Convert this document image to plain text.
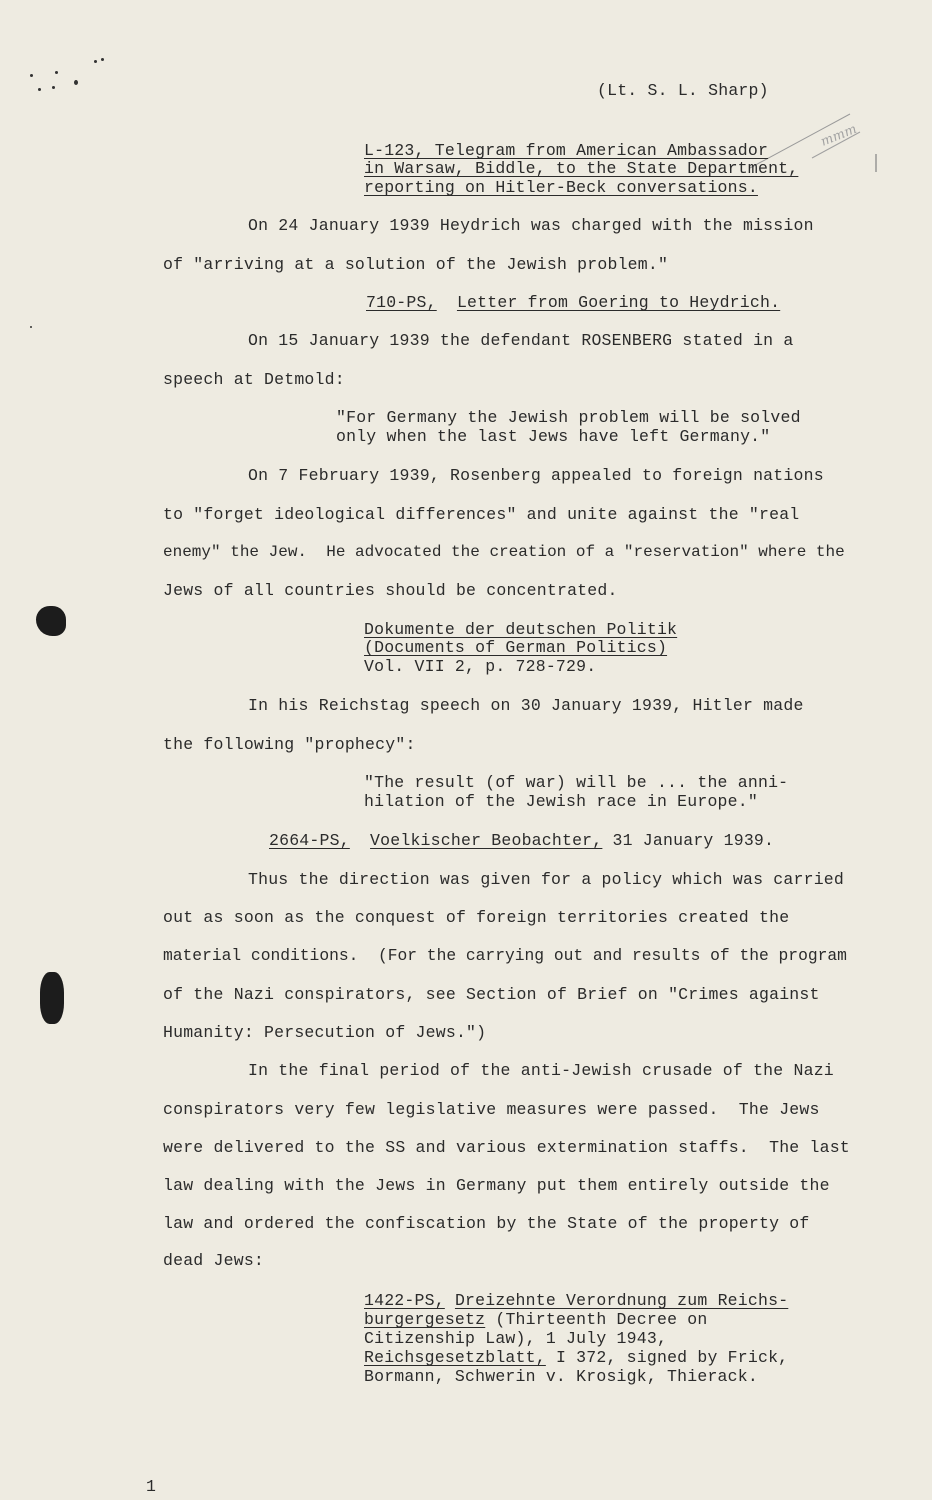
mmm
(Lt. S. L. Sharp)
L-123, Telegram from American Ambassador
in Warsaw, Biddle, to the State Department,
reporting on Hitler-Beck conversations.
On 24 January 1939 Heydrich was charged with the mission
of "arriving at a solution of the Jewish problem."
710-PS, Letter from Goering to Heydrich.
On 15 January 1939 the defendant ROSENBERG stated in a
speech at Detmold:
"For Germany the Jewish problem will be solved
only when the last Jews have left Germany."
On 7 February 1939, Rosenberg appealed to foreign nations
to "forget ideological differences" and unite against the "real
enemy" the Jew.  He advocated the creation of a "reservation" where the
Jews of all countries should be concentrated.
Dokumente der deutschen Politik
(Documents of German Politics)
Vol. VII 2, p. 728-729.
In his Reichstag speech on 30 January 1939, Hitler made
the following "prophecy":
"The result (of war) will be ... the anni-
hilation of the Jewish race in Europe."
2664-PS, Voelkischer Beobachter, 31 January 1939.
Thus the direction was given for a policy which was carried
out as soon as the conquest of foreign territories created the
material conditions.  (For the carrying out and results of the program
of the Nazi conspirators, see Section of Brief on "Crimes against
Humanity: Persecution of Jews.")
In the final period of the anti-Jewish crusade of the Nazi
conspirators very few legislative measures were passed.  The Jews
were delivered to the SS and various extermination staffs.  The last
law dealing with the Jews in Germany put them entirely outside the
law and ordered the confiscation by the State of the property of
dead Jews:
1422-PS, Dreizehnte Verordnung zum Reichs-
burgergesetz (Thirteenth Decree on
Citizenship Law), 1 July 1943,
Reichsgesetzblatt, I 372, signed by Frick,
Bormann, Schwerin v. Krosigk, Thierack.
1
